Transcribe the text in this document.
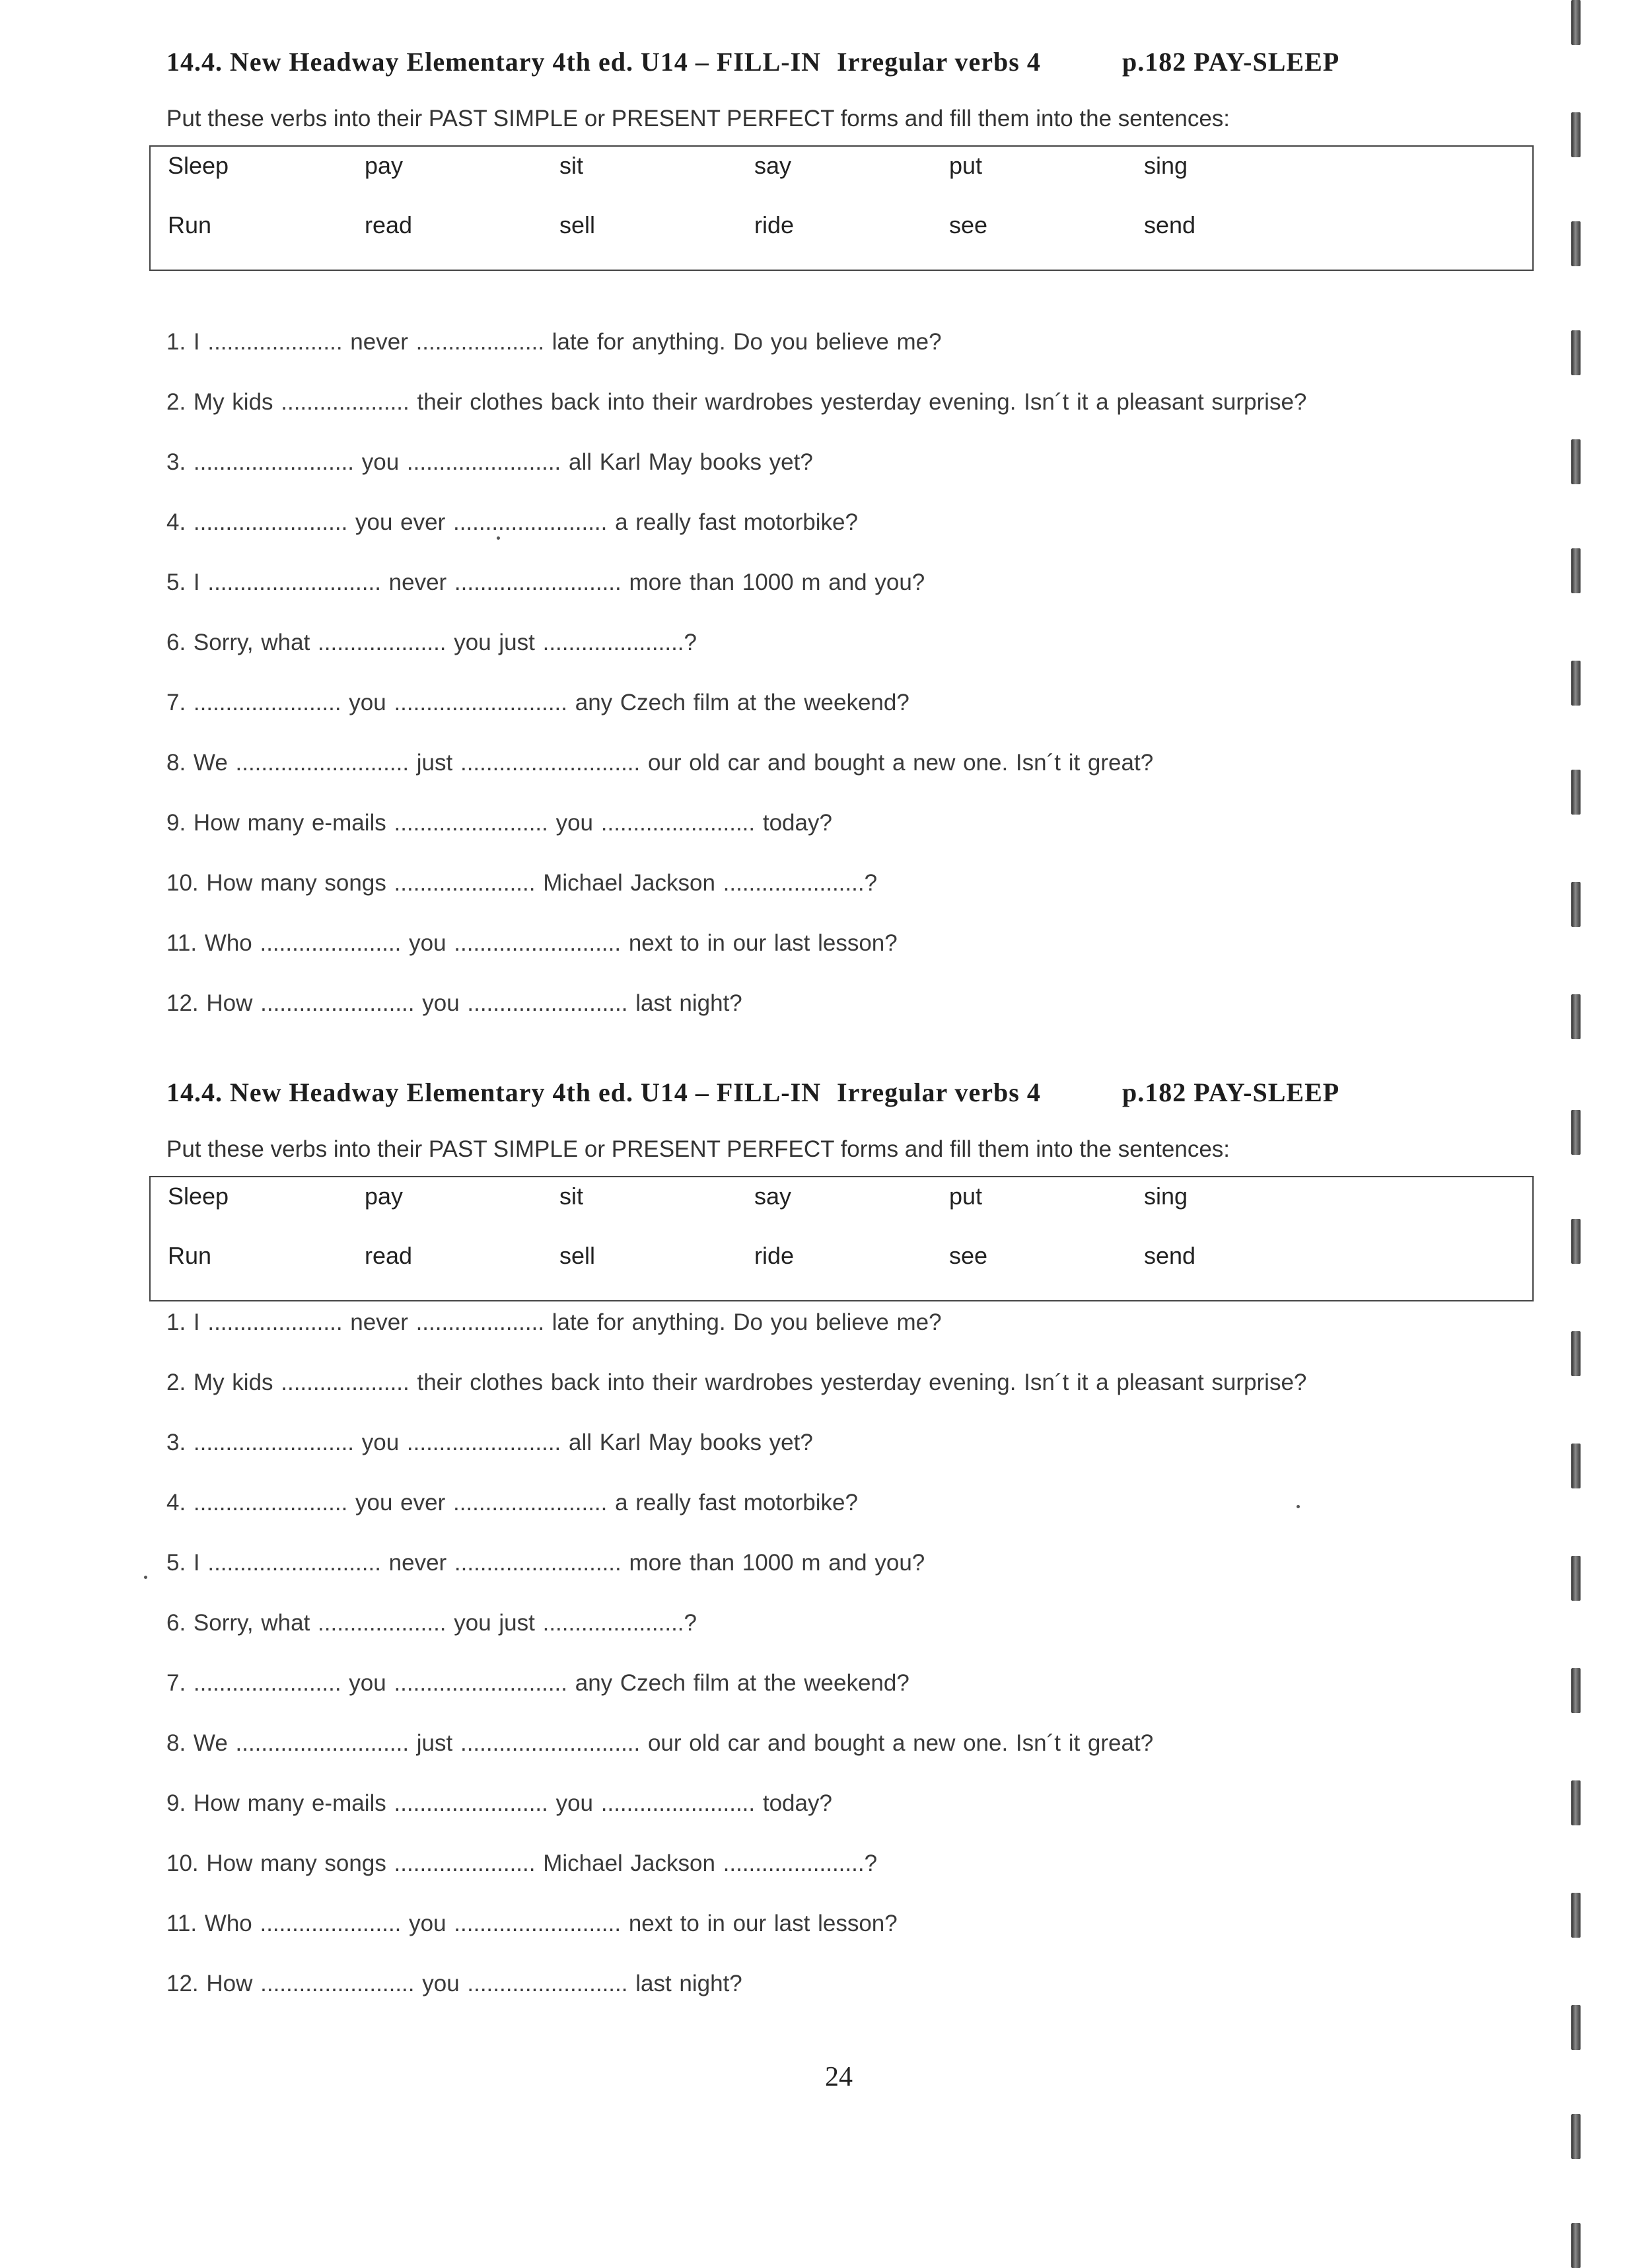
14.4. New Headway Elementary 4th ed. U14 – FILL-IN Irregular verbs 4	p.182 PAY-SLEEP
Put these verbs into their PAST SIMPLE or PRESENT PERFECT forms and fill them into the sentences:
Sleep	pay	sit	say	put	sing
Run	read	sell	ride	see	send
1. I ..................... never .................... late for anything. Do you believe me?
2. My kids .................... their clothes back into their wardrobes yesterday evening. Isn´t it a pleasant surprise?
3. ......................... you ........................ all Karl May books yet?
4. ........................ you ever ........................ a really fast motorbike?
5. I ........................... never .......................... more than 1000 m and you?
6. Sorry, what .................... you just ......................?
7. ....................... you ........................... any Czech film at the weekend?
8. We ........................... just ............................ our old car and bought a new one. Isn´t it great?
9. How many e-mails ........................ you ........................ today?
10. How many songs ...................... Michael Jackson ......................?
11. Who ...................... you .......................... next to in our last lesson?
12. How ........................ you ......................... last night?
14.4. New Headway Elementary 4th ed. U14 – FILL-IN Irregular verbs 4	p.182 PAY-SLEEP
Put these verbs into their PAST SIMPLE or PRESENT PERFECT forms and fill them into the sentences:
Sleep	pay	sit	say	put	sing
Run	read	sell	ride	see	send
1. I ..................... never .................... late for anything. Do you believe me?
2. My kids .................... their clothes back into their wardrobes yesterday evening. Isn´t it a pleasant surprise?
3. ......................... you ........................ all Karl May books yet?
4. ........................ you ever ........................ a really fast motorbike?
5. I ........................... never .......................... more than 1000 m and you?
6. Sorry, what .................... you just ......................?
7. ....................... you ........................... any Czech film at the weekend?
8. We ........................... just ............................ our old car and bought a new one. Isn´t it great?
9. How many e-mails ........................ you ........................ today?
10. How many songs ...................... Michael Jackson ......................?
11. Who ...................... you .......................... next to in our last lesson?
12. How ........................ you ......................... last night?
24
